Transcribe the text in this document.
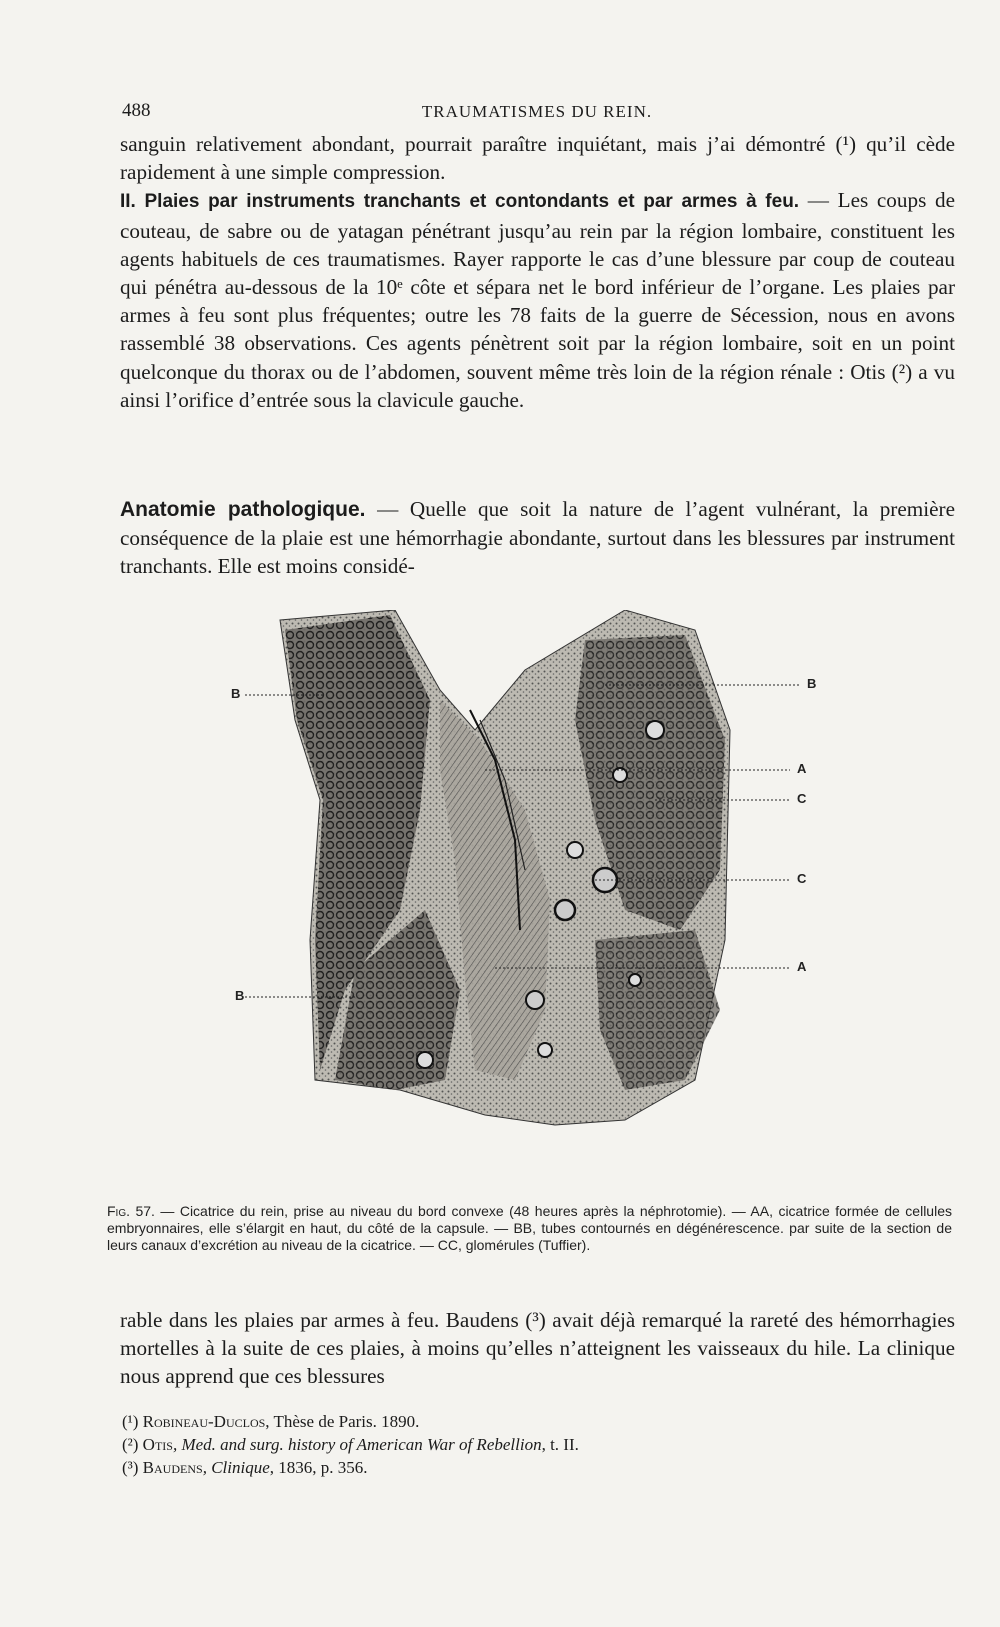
488	TRAUMATISMES DU REIN.

sanguin relativement abondant, pourrait paraître inquiétant, mais j’ai démontré (¹) qu’il cède rapidement à une simple compression.

II. Plaies par instruments tranchants et contondants et par armes à feu. — Les coups de couteau, de sabre ou de yatagan pénétrant jusqu’au rein par la région lombaire, constituent les agents habituels de ces traumatismes. Rayer rapporte le cas d’une blessure par coup de couteau qui pénétra au-dessous de la 10ᵉ côte et sépara net le bord inférieur de l’organe. Les plaies par armes à feu sont plus fréquentes; outre les 78 faits de la guerre de Sécession, nous en avons rassemblé 38 observations. Ces agents pénètrent soit par la région lombaire, soit en un point quelconque du thorax ou de l’abdomen, souvent même très loin de la région rénale : Otis (²) a vu ainsi l’orifice d’entrée sous la clavicule gauche.

Anatomie pathologique. — Quelle que soit la nature de l’agent vulnérant, la première conséquence de la plaie est une hémorrhagie abondante, surtout dans les blessures par instrument tranchants. Elle est moins considé-

B
B
A
C
C
A
B
Fig. 57. — Cicatrice du rein, prise au niveau du bord convexe (48 heures après la néphrotomie). — AA, cicatrice formée de cellules embryonnaires, elle s’élargit en haut, du côté de la capsule. — BB, tubes contournés en dégénérescence. par suite de la section de leurs canaux d’excrétion au niveau de la cicatrice. — CC, glomérules (Tuffier).

rable dans les plaies par armes à feu. Baudens (³) avait déjà remarqué la rareté des hémorrhagies mortelles à la suite de ces plaies, à moins qu’elles n’atteignent les vaisseaux du hile. La clinique nous apprend que ces blessures

(¹) Robineau-Duclos, Thèse de Paris. 1890.
(²) Otis, Med. and surg. history of American War of Rebellion, t. II.
(³) Baudens, Clinique, 1836, p. 356.
